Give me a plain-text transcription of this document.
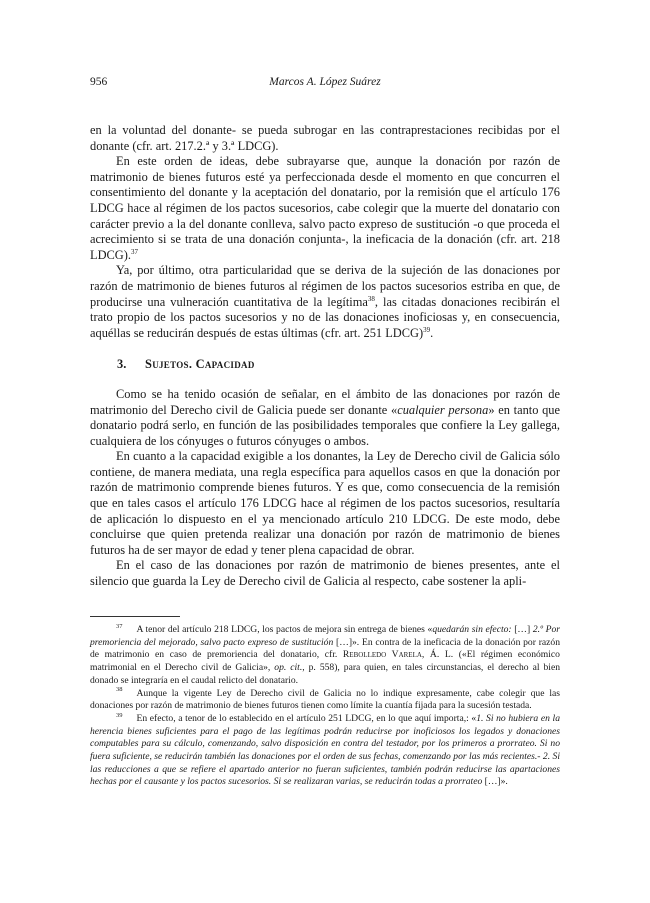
956	Marcos A. López Suárez

en la voluntad del donante- se pueda subrogar en las contraprestaciones recibidas por el donante (cfr. art. 217.2.ª y 3.ª LDCG).

En este orden de ideas, debe subrayarse que, aunque la donación por razón de matrimonio de bienes futuros esté ya perfeccionada desde el momento en que concurren el consentimiento del donante y la aceptación del donatario, por la remisión que el artículo 176 LDCG hace al régimen de los pactos sucesorios, cabe colegir que la muerte del donatario con carácter previo a la del donante conlleva, salvo pacto expreso de sustitución -o que proceda el acrecimiento si se trata de una donación conjunta-, la ineficacia de la donación (cfr. art. 218 LDCG).$^{37}$

Ya, por último, otra particularidad que se deriva de la sujeción de las donaciones por razón de matrimonio de bienes futuros al régimen de los pactos sucesorios estriba en que, de producirse una vulneración cuantitativa de la legítima$^{38}$, las citadas donaciones recibirán el trato propio de los pactos sucesorios y no de las donaciones inoficiosas y, en consecuencia, aquéllas se reducirán después de estas últimas (cfr. art. 251 LDCG)$^{39}$.

3. Sujetos. Capacidad

Como se ha tenido ocasión de señalar, en el ámbito de las donaciones por razón de matrimonio del Derecho civil de Galicia puede ser donante «cualquier persona» en tanto que donatario podrá serlo, en función de las posibilidades temporales que confiere la Ley gallega, cualquiera de los cónyuges o futuros cónyuges o ambos.

En cuanto a la capacidad exigible a los donantes, la Ley de Derecho civil de Galicia sólo contiene, de manera mediata, una regla específica para aquellos casos en que la donación por razón de matrimonio comprende bienes futuros. Y es que, como consecuencia de la remisión que en tales casos el artículo 176 LDCG hace al régimen de los pactos sucesorios, resultaría de aplicación lo dispuesto en el ya mencionado artículo 210 LDCG. De este modo, debe concluirse que quien pretenda realizar una donación por razón de matrimonio de bienes futuros ha de ser mayor de edad y tener plena capacidad de obrar.

En el caso de las donaciones por razón de matrimonio de bienes presentes, ante el silencio que guarda la Ley de Derecho civil de Galicia al respecto, cabe sostener la apli-

$^{37}$ A tenor del artículo 218 LDCG, los pactos de mejora sin entrega de bienes «quedarán sin efecto: […] 2.º Por premoriencia del mejorado, salvo pacto expreso de sustitución […]». En contra de la ineficacia de la donación por razón de matrimonio en caso de premoriencia del donatario, cfr. Rebolledo Varela, Á. L. («El régimen económico matrimonial en el Derecho civil de Galicia», op. cit., p. 558), para quien, en tales circunstancias, el derecho al bien donado se integraría en el caudal relicto del donatario.

$^{38}$ Aunque la vigente Ley de Derecho civil de Galicia no lo indique expresamente, cabe colegir que las donaciones por razón de matrimonio de bienes futuros tienen como límite la cuantía fijada para la sucesión testada.

$^{39}$ En efecto, a tenor de lo establecido en el artículo 251 LDCG, en lo que aquí importa,: «1. Si no hubiera en la herencia bienes suficientes para el pago de las legítimas podrán reducirse por inoficiosos los legados y donaciones computables para su cálculo, comenzando, salvo disposición en contra del testador, por los primeros a prorrateo. Si no fuera suficiente, se reducirán también las donaciones por el orden de sus fechas, comenzando por las más recientes.- 2. Si las reducciones a que se refiere el apartado anterior no fueran suficientes, también podrán reducirse las apartaciones hechas por el causante y los pactos sucesorios. Si se realizaran varias, se reducirán todas a prorrateo […]».
